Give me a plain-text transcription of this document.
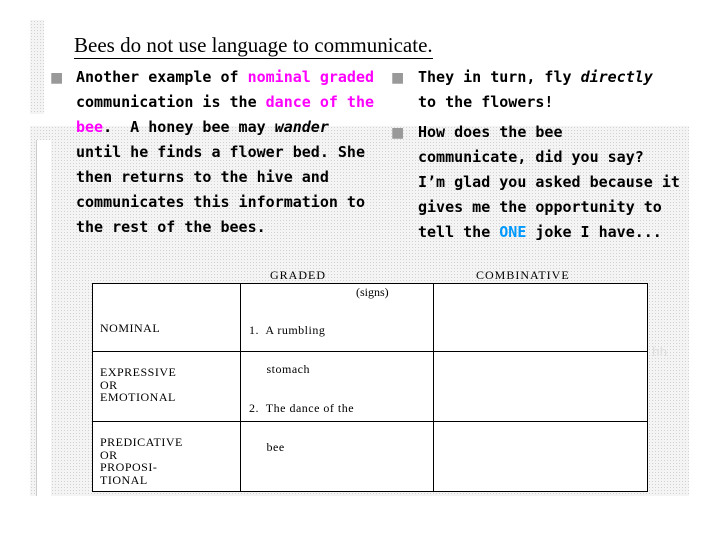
Bees do not use language to communicate.
■ Another example of nominal graded
communication is the dance of the
bee.  A honey bee may wander
until he finds a flower bed. She
then returns to the hive and
communicates this information to
the rest of the bees.
■ They in turn, fly directly
to the flowers!
■ How does the bee
communicate, did you say?
I’m glad you asked because it
gives me the opportunity to
tell the ONE joke I have...
GRADED	COMBINATIVE
NOMINAL
EXPRESSIVE
OR
EMOTIONAL
PREDICATIVE
OR
PROPOSI-
TIONAL
(signs)

1.  A rumbling

stomach

2.  The dance of the

bee

hh
